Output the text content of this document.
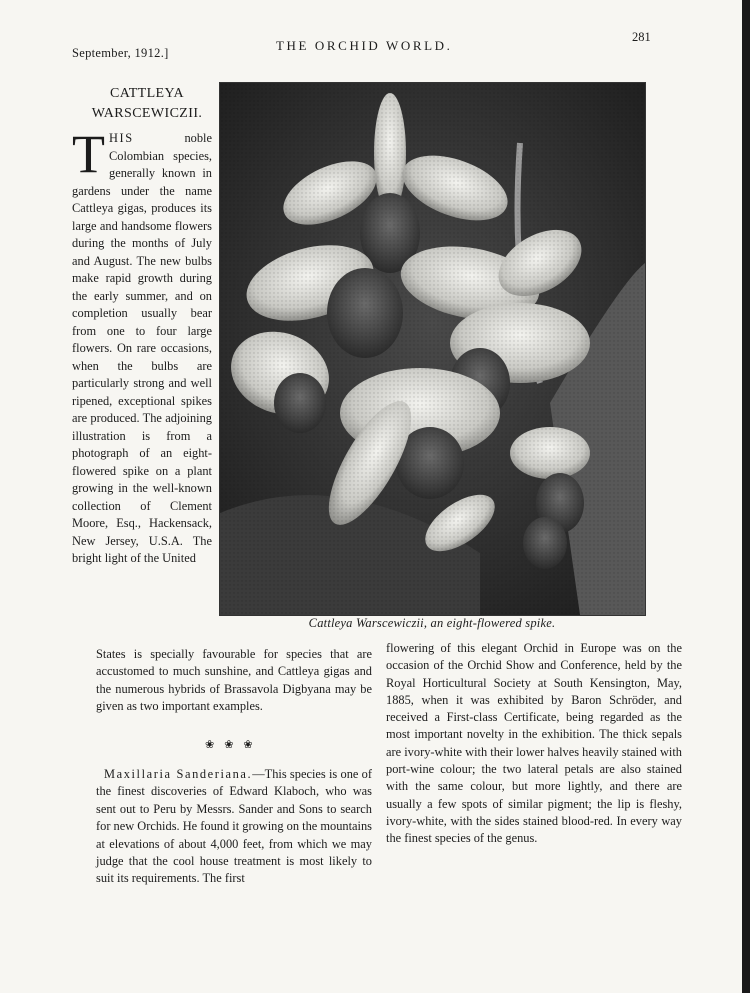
September, 1912.]	THE ORCHID WORLD.
281
CATTLEYA
WARSCEWICZII.
THIS	noble Colombian species, generally known in gardens under the name Cattleya gigas, produces its large and handsome flowers during the months of July and August. The new bulbs make rapid growth during the early summer, and on completion usually bear from one to four large flowers. On rare occasions, when the bulbs are particularly strong and well ripened, exceptional spikes are produced. The adjoining illustration is from a photograph of an eight-flowered spike on a plant growing in the well-known collection of Clement Moore, Esq., Hackensack, New Jersey, U.S.A. The bright light of the United
Cattleya Warscewiczii, an eight-flowered spike.

States is specially favourable for species that are accustomed to much sunshine, and Cattleya gigas and the numerous hybrids of Brassavola Digbyana may be given as two important examples.

❀❀❀
Maxillaria Sanderiana.—This species is one of the finest discoveries of Edward Klaboch, who was sent out to Peru by Messrs. Sander and Sons to search for new Orchids. He found it growing on the mountains at elevations of about 4,000 feet, from which we may judge that the cool house treatment is most likely to suit its requirements. The first
flowering of this elegant Orchid in Europe was on the occasion of the Orchid Show and Conference, held by the Royal Horticultural Society at South Kensington, May, 1885, when it was exhibited by Baron Schröder, and received a First-class Certificate, being regarded as the most important novelty in the exhibition. The thick sepals are ivory-white with their lower halves heavily stained with port-wine colour; the two lateral petals are also stained with the same colour, but more lightly, and there are usually a few spots of similar pigment; the lip is fleshy, ivory-white, with the sides stained blood-red. In every way the finest species of the genus.
